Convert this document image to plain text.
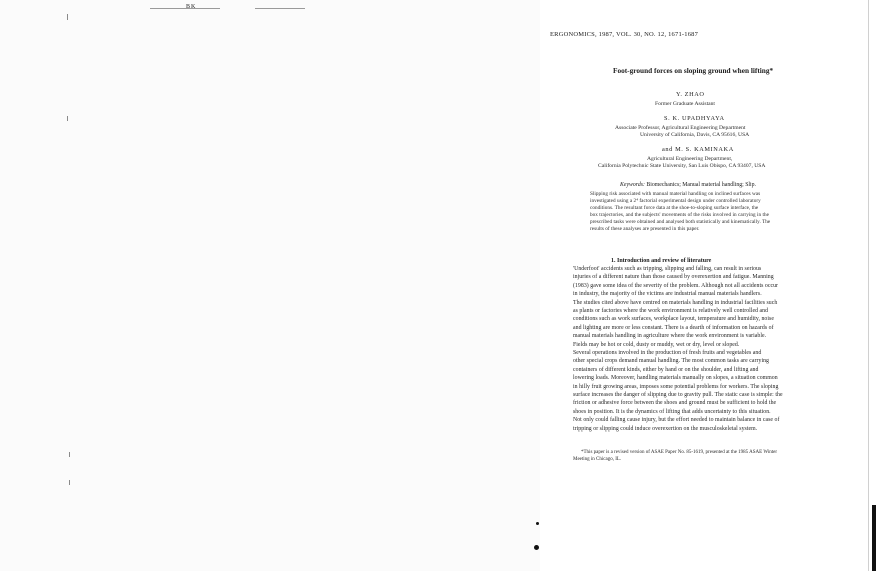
BK
ERGONOMICS, 1987, VOL. 30, NO. 12, 1671-1687
Foot-ground forces on sloping ground when lifting*
Y. ZHAO
Former Graduate Assistant
S. K. UPADHYAYA
Associate Professor, Agricultural Engineering Department
University of California, Davis, CA 95616, USA
and M. S. KAMINAKA
Agricultural Engineering Department,
California Polytechnic State University, San Luis Obispo, CA 93407, USA
Keywords: Biomechanics; Manual material handling; Slip.
Slipping risk associated with manual material handling on inclined surfaces was
investigated using a 2⁴ factorial experimental design under controlled laboratory
conditions. The resultant force data at the shoe-to-sloping surface interface, the
box trajectories, and the subjects' movements of the risks involved in carrying in the
prescribed tasks were obtained and analysed both statistically and kinematically. The
results of these analyses are presented in this paper.
1. Introduction and review of literature
'Underfoot' accidents such as tripping, slipping and falling, can result in serious
injuries of a different nature than those caused by overexertion and fatigue. Manning
(1983) gave some idea of the severity of the problem. Although not all accidents occur
in industry, the majority of the victims are industrial manual materials handlers.
The studies cited above have centred on materials handling in industrial facilities such
as plants or factories where the work environment is relatively well controlled and
conditions such as work surfaces, workplace layout, temperature and humidity, noise
and lighting are more or less constant. There is a dearth of information on hazards of
manual materials handling in agriculture where the work environment is variable.
Fields may be hot or cold, dusty or muddy, wet or dry, level or sloped.
Several operations involved in the production of fresh fruits and vegetables and
other special crops demand manual handling. The most common tasks are carrying
containers of different kinds, either by hand or on the shoulder, and lifting and
lowering loads. Moreover, handling materials manually on slopes, a situation common
in hilly fruit growing areas, imposes some potential problems for workers. The sloping
surface increases the danger of slipping due to gravity pull. The static case is simple: the
friction or adhesive force between the shoes and ground must be sufficient to hold the
shoes in position. It is the dynamics of lifting that adds uncertainty to this situation.
Not only could falling cause injury, but the effort needed to maintain balance in case of
tripping or slipping could induce overexertion on the musculoskeletal system.
*This paper is a revised version of ASAE Paper No. 85-1619, presented at the 1985 ASAE Winter
Meeting in Chicago, IL.
